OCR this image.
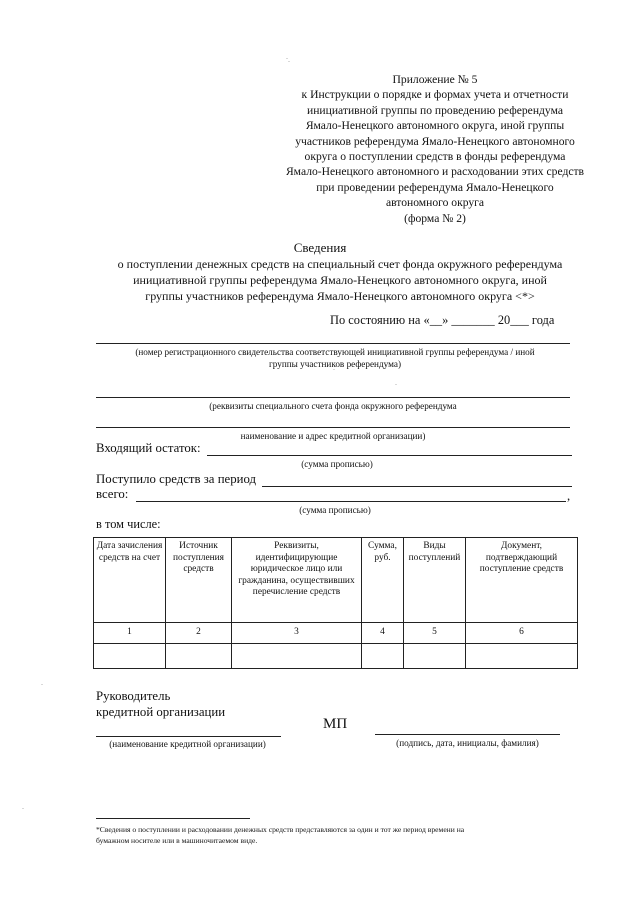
Приложение № 5
к Инструкции о порядке и формах учета и отчетности
инициативной группы по проведению референдума
Ямало-Ненецкого автономного округа, иной группы
участников референдума Ямало-Ненецкого автономного
округа о поступлении средств в фонды референдума
Ямало-Ненецкого автономного и расходовании этих средств
при проведении референдума Ямало-Ненецкого
автономного округа
(форма № 2)
Сведения
о поступлении денежных средств на специальный счет фонда окружного референдума
инициативной группы референдума Ямало-Ненецкого автономного округа, иной
группы участников референдума Ямало-Ненецкого автономного округа <*>
По состоянию на «__» _______ 20___ года
(номер регистрационного свидетельства соответствующей инициативной группы референдума / иной
группы участников референдума)
(реквизиты специального счета фонда окружного референдума
наименование и адрес кредитной организации)
Входящий остаток:
(сумма прописью)
Поступило средств за период
всего:	,
(сумма прописью)
в том числе:
Дата зачисления средств на счет	Источник поступления средств	Реквизиты, идентифицирующие юридическое лицо или гражданина, осуществивших перечисление средств	Сумма, руб.	Виды поступлений	Документ, подтверждающий поступление средств
1	2	3	4	5	6

Руководитель
кредитной организации
МП
(наименование кредитной организации)	(подпись, дата, инициалы, фамилия)
*Сведения о поступлении и расходовании денежных средств представляются за один и тот же период времени на
бумажном носителе или в машиночитаемом виде.
